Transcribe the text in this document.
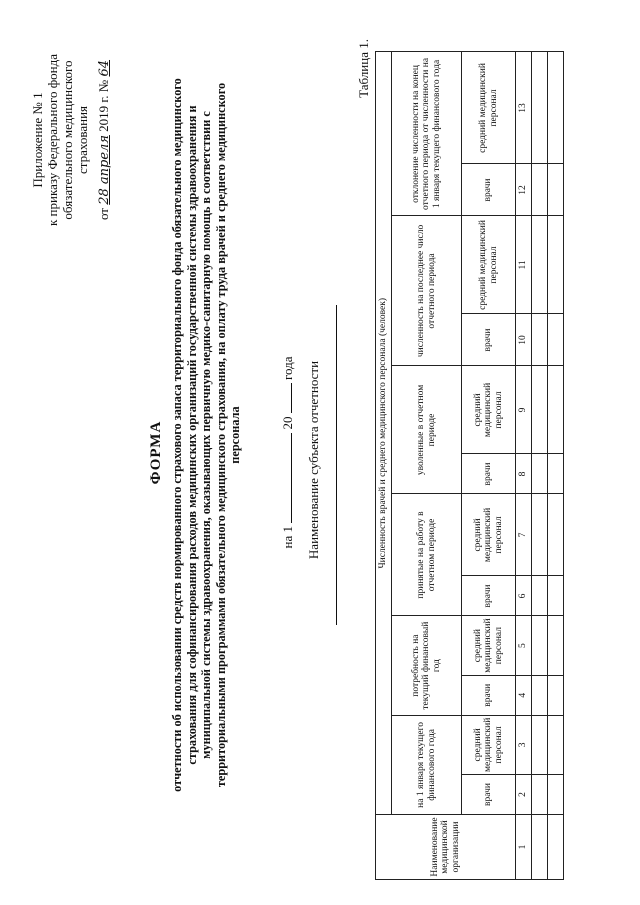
Приложение № 1 к приказу Федерального фонда обязательного медицинского страхования
от 28 апреля 2019 г. № 64
ФОРМА отчетности об использовании средств нормированного страхового запаса территориального фонда обязательного медицинского страхования для софинансирования расходов медицинских организаций государственной системы здравоохранения и муниципальной системы здравоохранения, оказывающих первичную медико-санитарную помощь в соответствии с территориальными программами обязательного медицинского страхования, на оплату труда врачей и среднего медицинского персонала
на 1  20  года Наименование субъекта отчетности
Таблица 1.
Наименование медицинской организации	Численность врачей и среднего медицинского персонала (человек)											
	на 1 января текущего финансового года		потребность на текущий финансовый год		принятые на работу в отчетном периоде		уволенные в отчетном периоде		численность на последнее число отчетного периода		отклонение численности на конец отчетного периода от численности на 1 января текущего финансового года	
	врачи	средний медицинский персонал	врачи	средний медицинский персонал	врачи	средний медицинский персонал	врачи	средний медицинский персонал	врачи	средний медицинский персонал	врачи	средний медицинский персонал
1	2	3	4	5	6	7	8	9	10	11	12	13
